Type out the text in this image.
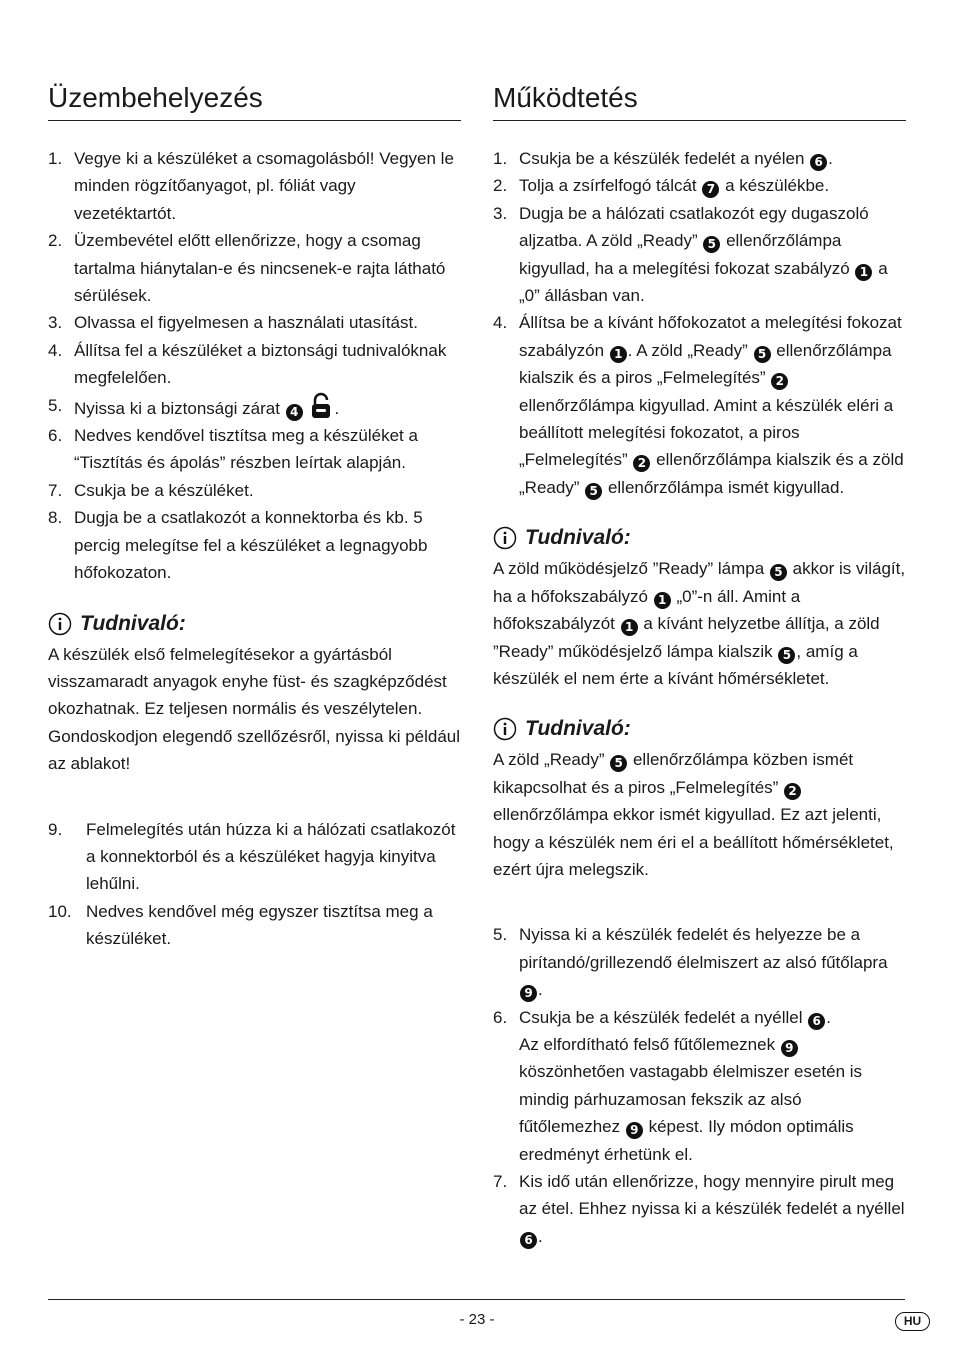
Üzembehelyezés
1. Vegye ki a készüléket a csomagolásból! Vegyen le minden rögzítőanyagot, pl. fóliát vagy vezetéktartót.
2. Üzembevétel előtt ellenőrizze, hogy a csomag tartalma hiánytalan-e és nincsenek-e rajta látható sérülések.
3. Olvassa el figyelmesen a használati utasítást.
4. Állítsa fel a készüléket a biztonsági tudnivalóknak megfelelően.
5. Nyissa ki a biztonsági zárat 4 .
6. Nedves kendővel tisztítsa meg a készüléket a “Tisztítás és ápolás” részben leírtak alapján.
7. Csukja be a készüléket.
8. Dugja be a csatlakozót a konnektorba és kb. 5 percig melegítse fel a készüléket a legnagyobb hőfokozaton.
Tudnivaló:

A készülék első felmelegítésekor a gyártásból visszamaradt anyagok enyhe füst- és szagképződést okozhatnak. Ez teljesen normális és veszélytelen. Gondoskodjon elegendő szellőzésről, nyissa ki például az ablakot!

9.	Felmelegítés után húzza ki a hálózati csatlakozót a konnektorból és a készüléket hagyja kinyitva lehűlni.
10. Nedves kendővel még egyszer tisztítsa meg a készüléket.
Működtetés
1. Csukja be a készülék fedelét a nyélen 6 .
2. Tolja a zsírfelfogó tálcát 7 a készülékbe.
3. Dugja be a hálózati csatlakozót egy dugaszoló aljzatba. A zöld „Ready” 5 ellenőrzőlámpa kigyullad, ha a melegítési fokozat szabályzó 1 a „0” állásban van.
4. Állítsa be a kívánt hőfokozatot a melegítési fokozat szabályzón 1 . A zöld „Ready” 5 ellenőrzőlámpa kialszik és a piros „Felmelegítés” 2 ellenőrzőlámpa kigyullad. Amint a készülék eléri a beállított melegítési fokozatot, a piros „Felmelegítés” 2 ellenőrzőlámpa kialszik és a zöld „Ready” 5 ellenőrzőlámpa ismét kigyullad.
Tudnivaló:

A zöld működésjelző ”Ready” lámpa 5 akkor is világít, ha a hőfokszabályzó 1 „0”-n áll. Amint a hőfokszabályzót 1 a kívánt helyzetbe állítja, a zöld ”Ready” működésjelző lámpa kialszik 5 , amíg a készülék el nem érte a kívánt hőmérsékletet.

Tudnivaló:

A zöld „Ready” 5 ellenőrzőlámpa közben ismét kikapcsolhat és a piros „Felmelegítés” 2 ellenőrzőlámpa ekkor ismét kigyullad. Ez azt jelenti, hogy a készülék nem éri el a beállított hőmérsékletet, ezért újra melegszik.

5. Nyissa ki a készülék fedelét és helyezze be a pirítandó/grillezendő élelmiszert az alsó fűtőlapra 9 .
6. Csukja be a készülék fedelét a nyéllel 6 .
Az elfordítható felső fűtőlemeznek 9 köszönhetően vastagabb élelmiszer esetén is mindig párhuzamosan fekszik az alsó fűtőlemezhez 9 képest. Ily módon optimális eredményt érhetünk el.
7. Kis idő után ellenőrizze, hogy mennyire pirult meg az étel. Ehhez nyissa ki a készülék fedelét a nyéllel 6 .
- 23 -	HU
